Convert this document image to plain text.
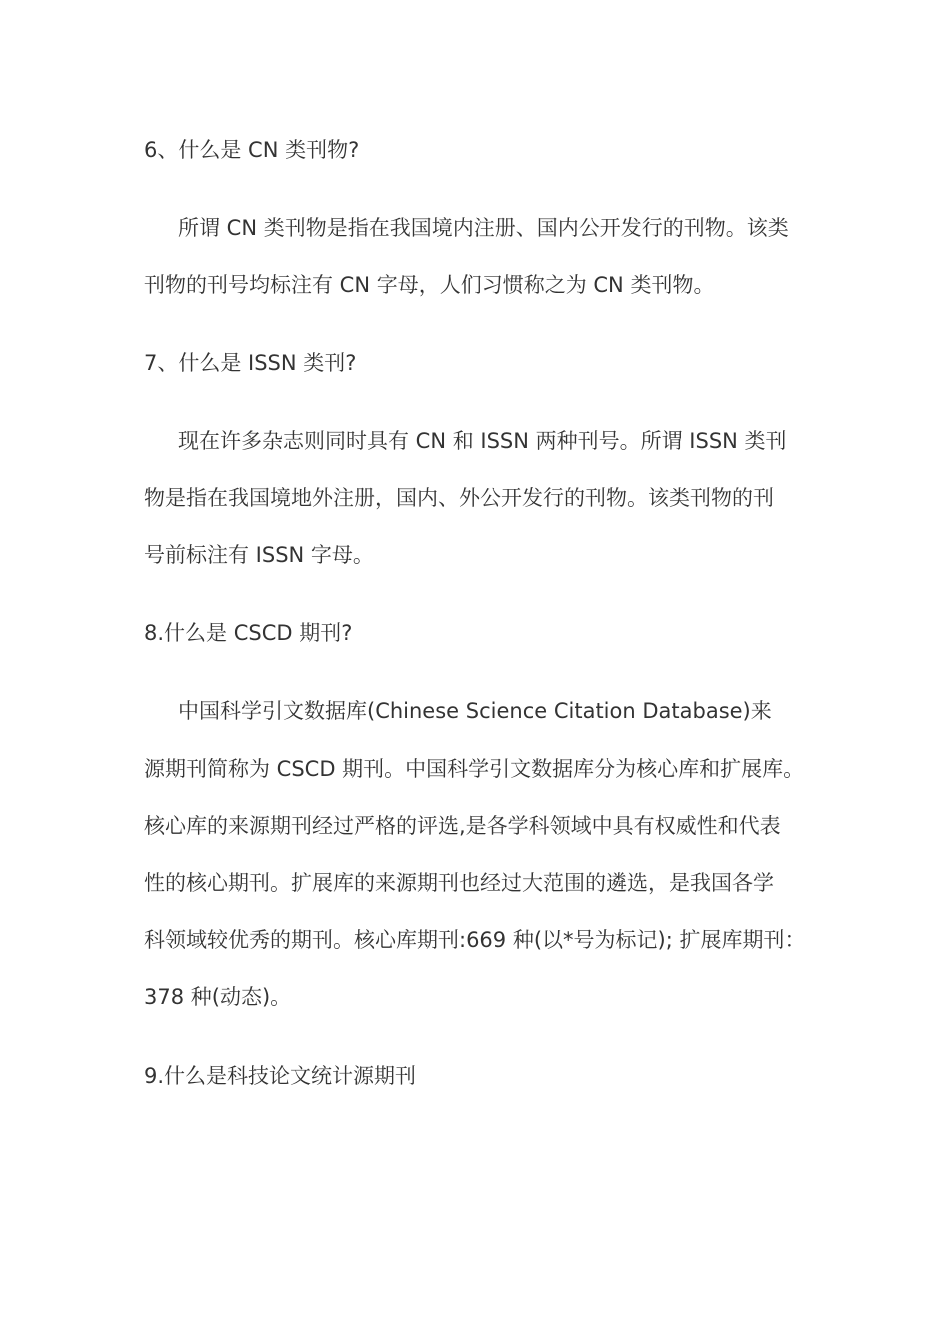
6、什么是 CN 类刊物?
所谓 CN 类刊物是指在我国境内注册、国内公开发行的刊物。该类
刊物的刊号均标注有 CN 字母，人们习惯称之为 CN 类刊物。
7、什么是 ISSN 类刊?
现在许多杂志则同时具有 CN 和 ISSN 两种刊号。所谓 ISSN 类刊
物是指在我国境地外注册，国内、外公开发行的刊物。该类刊物的刊
号前标注有 ISSN 字母。
8.什么是 CSCD 期刊?
中国科学引文数据库(Chinese Science Citation Database)来
源期刊简称为 CSCD 期刊。中国科学引文数据库分为核心库和扩展库。
核心库的来源期刊经过严格的评选,是各学科领域中具有权威性和代表
性的核心期刊。扩展库的来源期刊也经过大范围的遴选，是我国各学
科领域较优秀的期刊。核心库期刊:669 种(以*号为标记); 扩展库期刊：
378 种(动态)。
9.什么是科技论文统计源期刊
